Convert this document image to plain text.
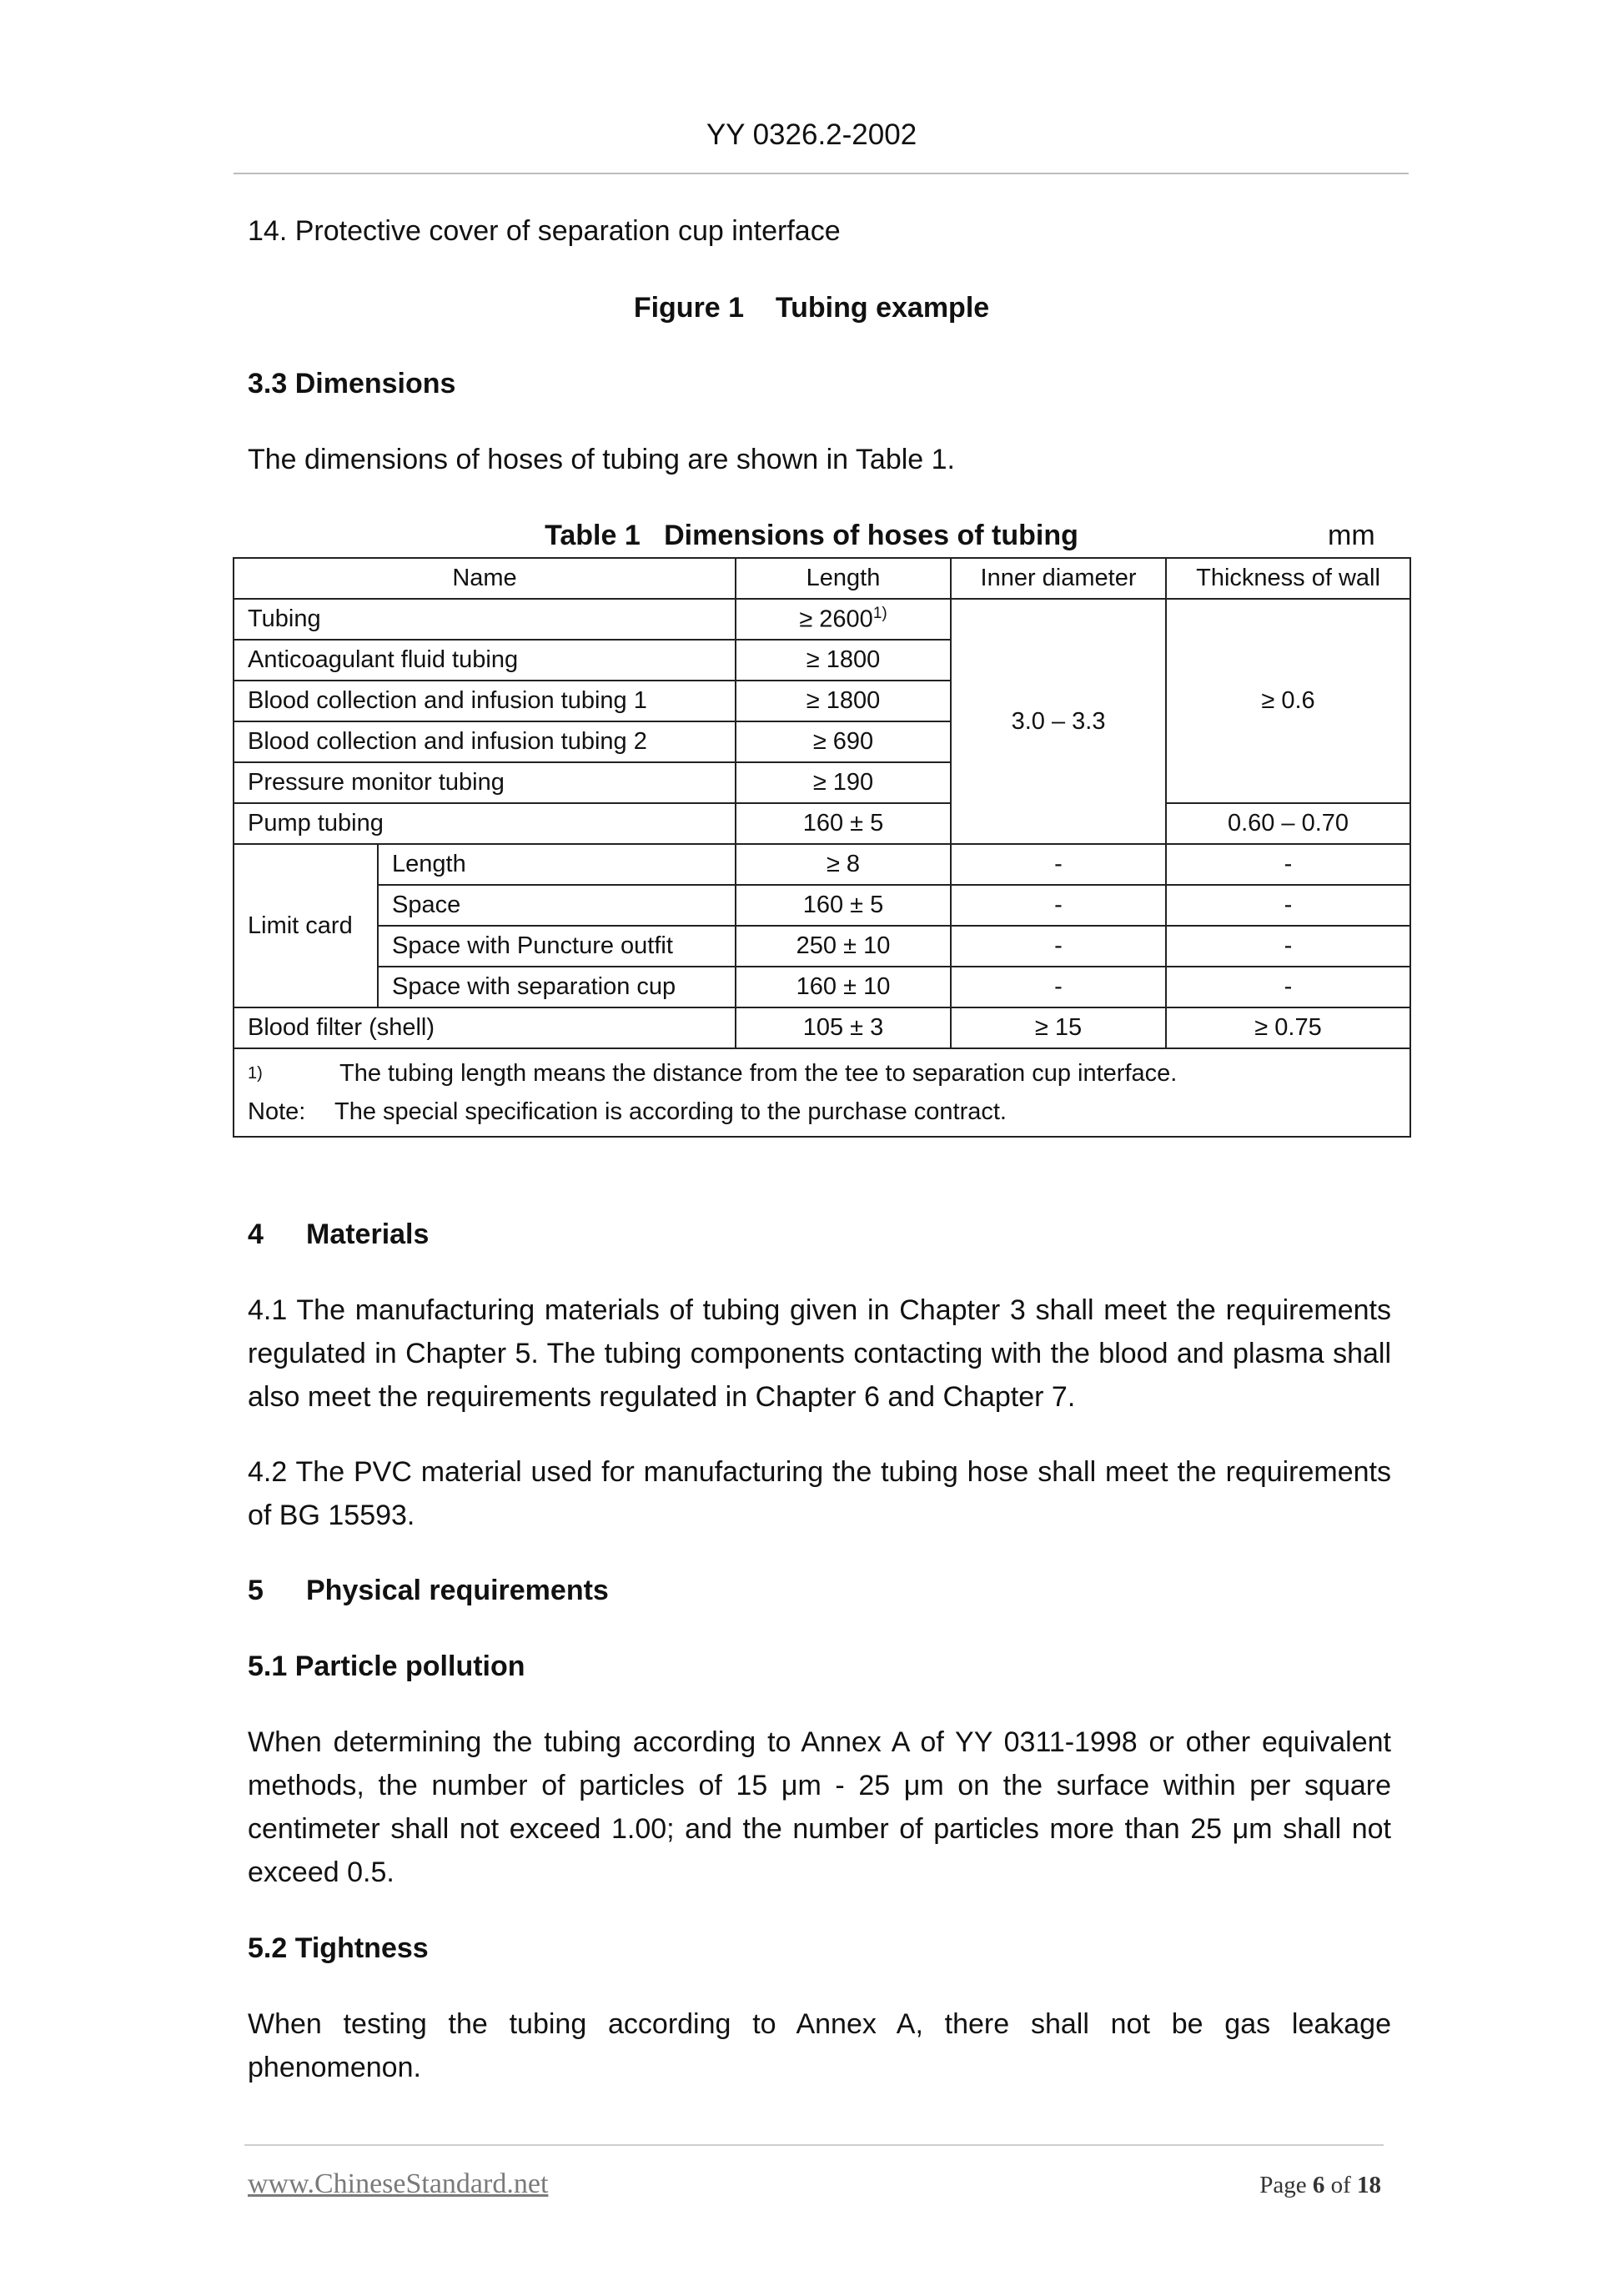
YY 0326.2-2002
14. Protective cover of separation cup interface
Figure 1 Tubing example
3.3 Dimensions
The dimensions of hoses of tubing are shown in Table 1.
Table 1 Dimensions of hoses of tubing	mm
Name		Length	Inner diameter	Thickness of wall
Tubing		≥ $2600^{1)}$	3.0 – 3.3	≥ 0.6
Anticoagulant fluid tubing		≥ 1800		
Blood collection and infusion tubing 1		≥ 1800		
Blood collection and infusion tubing 2		≥ 690		
Pressure monitor tubing		≥ 190		
Pump tubing		160 ± 5		0.60 – 0.70
Limit card	Length	≥ 8	-	-
	Space	160 ± 5	-	-
	Space with Puncture outfit	250 ± 10	-	-
	Space with separation cup	160 ± 10	-	-
Blood filter (shell)		105 ± 3	≥ 15	≥ 0.75

1) The tubing length means the distance from the tee to separation cup interface.
Note: The special specification is according to the purchase contract.				
4 Materials
4.1 The manufacturing materials of tubing given in Chapter 3 shall meet the requirements regulated in Chapter 5. The tubing components contacting with the blood and plasma shall also meet the requirements regulated in Chapter 6 and Chapter 7.
4.2 The PVC material used for manufacturing the tubing hose shall meet the requirements of BG 15593.
5 Physical requirements
5.1 Particle pollution
When determining the tubing according to Annex A of YY 0311-1998 or other equivalent methods, the number of particles of 15 μm - 25 μm on the surface within per square centimeter shall not exceed 1.00; and the number of particles more than 25 μm shall not exceed 0.5.
5.2 Tightness
When testing the tubing according to Annex A, there shall not be gas leakage phenomenon.
www.ChineseStandard.net	Page 6 of 18
